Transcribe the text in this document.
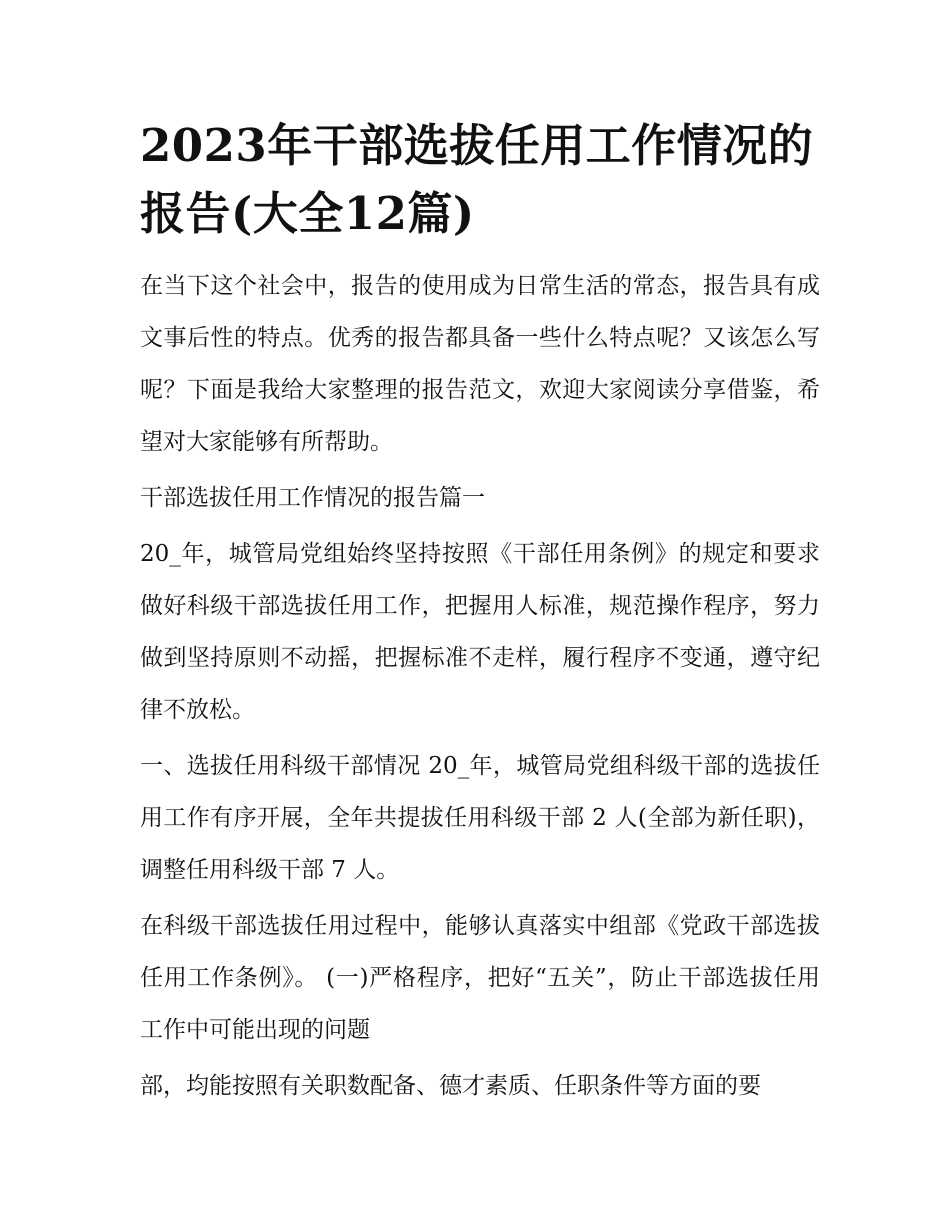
2023年干部选拔任用工作情况的报告(大全12篇)

在当下这个社会中，报告的使用成为日常生活的常态，报告具有成文事后性的特点。优秀的报告都具备一些什么特点呢？又该怎么写呢？下面是我给大家整理的报告范文，欢迎大家阅读分享借鉴，希望对大家能够有所帮助。

干部选拔任用工作情况的报告篇一

20_年，城管局党组始终坚持按照《干部任用条例》的规定和要求做好科级干部选拔任用工作，把握用人标准，规范操作程序，努力做到坚持原则不动摇，把握标准不走样，履行程序不变通，遵守纪律不放松。

一、选拔任用科级干部情况 20_年，城管局党组科级干部的选拔任用工作有序开展，全年共提拔任用科级干部 2 人(全部为新任职)，调整任用科级干部 7 人。

在科级干部选拔任用过程中，能够认真落实中组部《党政干部选拔任用工作条例》。 (一)严格程序，把好“五关”，防止干部选拔任用工作中可能出现的问题

部，均能按照有关职数配备、德才素质、任职条件等方面的要
